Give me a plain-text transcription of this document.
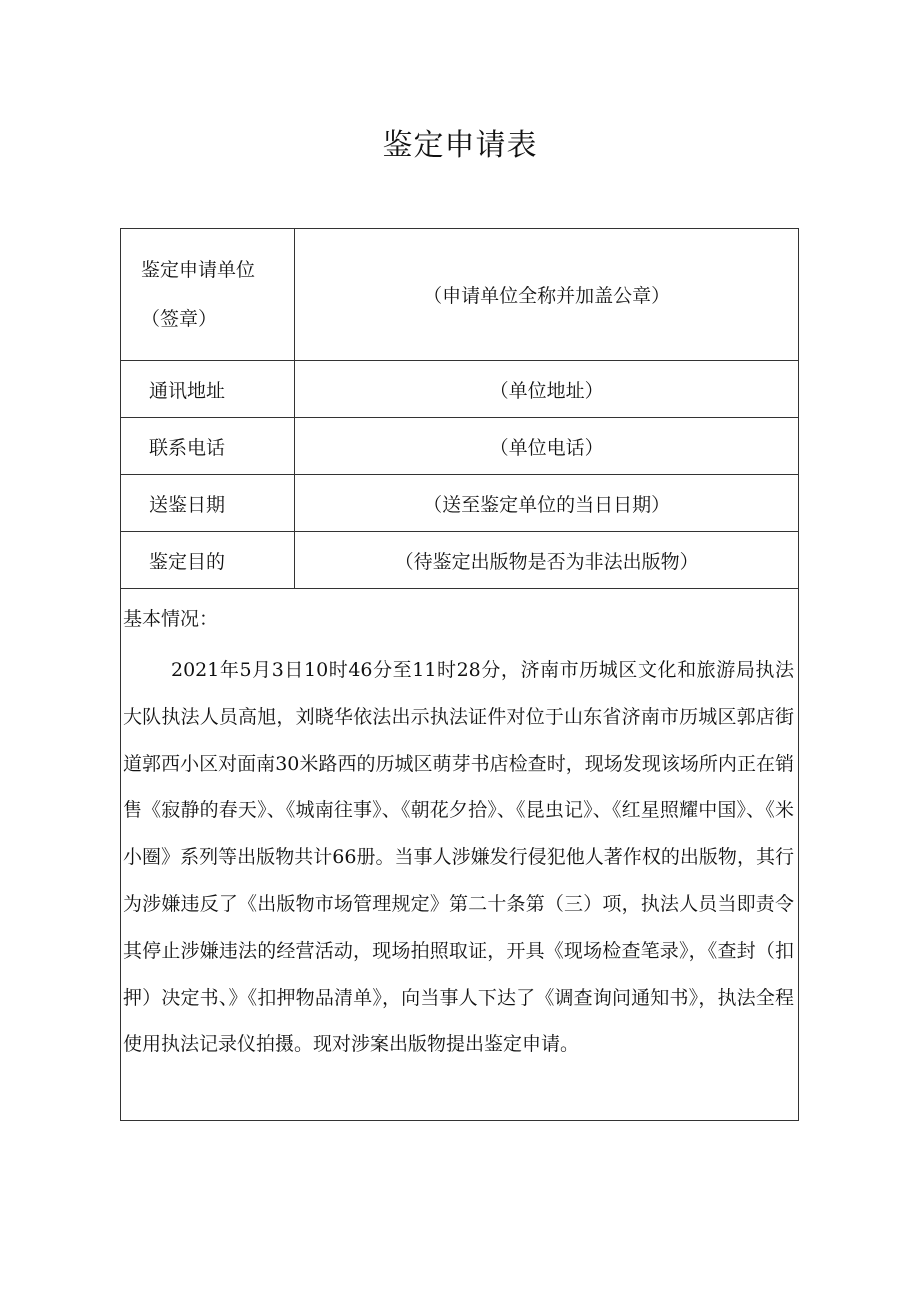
鉴定申请表
鉴定申请单位（签章）	（申请单位全称并加盖公章）
通讯地址	（单位地址）
联系电话	（单位电话）
送鉴日期	（送至鉴定单位的当日日期）
鉴定目的	（待鉴定出版物是否为非法出版物）

基本情况：
2021年5月3日10时46分至11时28分，济南市历城区文化和旅游局执法大队执法人员高旭，刘晓华依法出示执法证件对位于山东省济南市历城区郭店街道郭西小区对面南30米路西的历城区萌芽书店检查时，现场发现该场所内正在销售《寂静的春天》、《城南往事》、《朝花夕拾》、《昆虫记》、《红星照耀中国》、《米小圈》系列等出版物共计66册。当事人涉嫌发行侵犯他人著作权的出版物，其行为涉嫌违反了《出版物市场管理规定》第二十条第（三）项，执法人员当即责令其停止涉嫌违法的经营活动，现场拍照取证，开具《现场检查笔录》，《查封（扣押）决定书、》《扣押物品清单》，向当事人下达了《调查询问通知书》，执法全程使用执法记录仪拍摄。现对涉案出版物提出鉴定申请。	
